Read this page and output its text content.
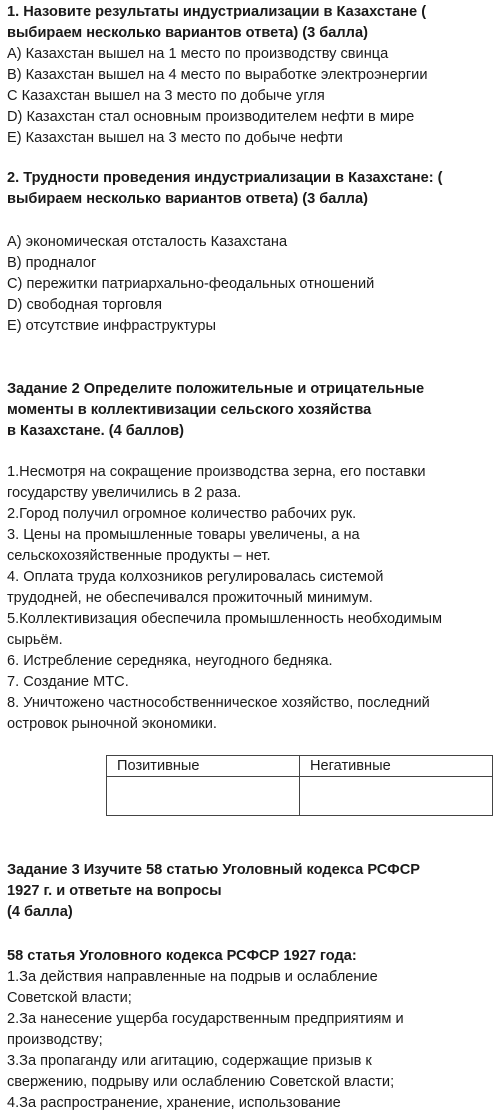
1. Назовите результаты индустриализации в Казахстане (
выбираем несколько вариантов ответа) (3 балла)
А) Казахстан вышел на 1 место по производству свинца
В) Казахстан вышел на 4 место по выработке электроэнергии
С Казахстан вышел на 3 место по добыче угля
D) Казахстан стал основным производителем нефти в мире
Е) Казахстан вышел на 3 место по добыче нефти
2. Трудности проведения индустриализации в Казахстане: (
выбираем несколько вариантов ответа) (3 балла)
А) экономическая отсталость Казахстана
В) продналог
С) пережитки патриархально-феодальных отношений
D) свободная торговля
Е) отсутствие инфраструктуры
Задание 2 Определите положительные и отрицательные
моменты в коллективизации сельского хозяйства
в Казахстане. (4 баллов)
1.Несмотря на сокращение производства зерна, его поставки
государству увеличились в 2 раза.
2.Город получил огромное количество рабочих рук.
3. Цены на промышленные товары увеличены, а на
сельскохозяйственные продукты – нет.
4. Оплата труда колхозников регулировалась системой
трудодней, не обеспечивался прожиточный минимум.
5.Коллективизация обеспечила промышленность необходимым
сырьём.
6. Истребление середняка, неугодного бедняка.
7. Создание МТС.
8. Уничтожено частнособственническое хозяйство, последний
островок рыночной экономики.
Позитивные	Негативные

Задание 3 Изучите 58 статью Уголовный кодекса РСФСР
1927 г. и ответьте на вопросы
(4 балла)
58 статья Уголовного кодекса РСФСР 1927 года:
1.За действия направленные на подрыв и ослабление
Советской власти;
2.За нанесение ущерба государственным предприятиям и
производству;
3.За пропаганду или агитацию, содержащие призыв к
свержению, подрыву или ослаблению Советской власти;
4.За распространение, хранение, использование
